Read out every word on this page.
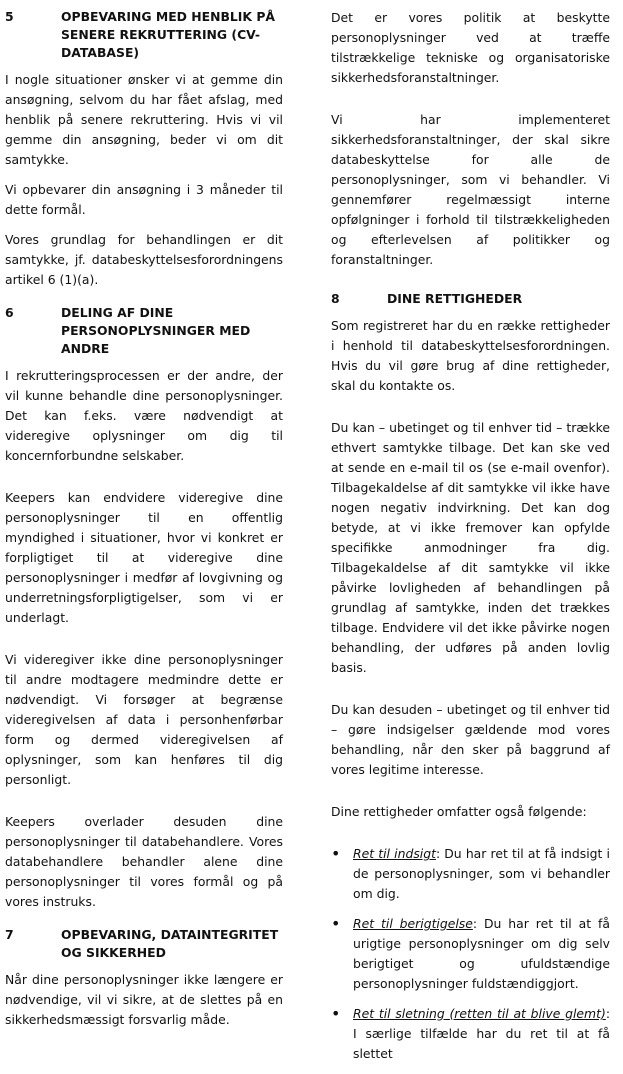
5	OPBEVARING MED HENBLIK PÅ SENERE REKRUTTERING (CV-DATABASE)

I nogle situationer ønsker vi at gemme din ansøgning, selvom du har fået afslag, med henblik på senere rekruttering. Hvis vi vil gemme din ansøgning, beder vi om dit samtykke.

Vi opbevarer din ansøgning i 3 måneder til dette formål.

Vores grundlag for behandlingen er dit samtykke, jf. databeskyttelsesforordningens artikel 6 (1)(a).

6	DELING AF DINE PERSONOPLYSNINGER MED ANDRE

I rekrutteringsprocessen er der andre, der vil kunne behandle dine personoplysninger. Det kan f.eks. være nødvendigt at videregive oplysninger om dig til koncernforbundne selskaber.

Keepers kan endvidere videregive dine personoplysninger til en offentlig myndighed i situationer, hvor vi konkret er forpligtiget til at videregive dine personoplysninger i medfør af lovgivning og underretningsforpligtigelser, som vi er underlagt.

Vi videregiver ikke dine personoplysninger til andre modtagere medmindre dette er nødvendigt. Vi forsøger at begrænse videregivelsen af data i personhenførbar form og dermed videregivelsen af oplysninger, som kan henføres til dig personligt.

Keepers overlader desuden dine personoplysninger til databehandlere. Vores databehandlere behandler alene dine personoplysninger til vores formål og på vores instruks.

7	OPBEVARING, DATAINTEGRITET OG SIKKERHED

Når dine personoplysninger ikke længere er nødvendige, vil vi sikre, at de slettes på en sikkerhedsmæssigt forsvarlig måde.

Det er vores politik at beskytte personoplysninger ved at træffe tilstrækkelige tekniske og organisatoriske sikkerhedsforanstaltninger.

Vi har implementeret sikkerhedsforanstaltninger, der skal sikre databeskyttelse for alle de personoplysninger, som vi behandler. Vi gennemfører regelmæssigt interne opfølgninger i forhold til tilstrækkeligheden og efterlevelsen af politikker og foranstaltninger.

8	DINE RETTIGHEDER

Som registreret har du en række rettigheder i henhold til databeskyttelsesforordningen. Hvis du vil gøre brug af dine rettigheder, skal du kontakte os.

Du kan – ubetinget og til enhver tid – trække ethvert samtykke tilbage. Det kan ske ved at sende en e-mail til os (se e-mail ovenfor). Tilbagekaldelse af dit samtykke vil ikke have nogen negativ indvirkning. Det kan dog betyde, at vi ikke fremover kan opfylde specifikke anmodninger fra dig. Tilbagekaldelse af dit samtykke vil ikke påvirke lovligheden af behandlingen på grundlag af samtykke, inden det trækkes tilbage. Endvidere vil det ikke påvirke nogen behandling, der udføres på anden lovlig basis.

Du kan desuden – ubetinget og til enhver tid – gøre indsigelser gældende mod vores behandling, når den sker på baggrund af vores legitime interesse.

Dine rettigheder omfatter også følgende:

• Ret til indsigt: Du har ret til at få indsigt i de personoplysninger, som vi behandler om dig.
• Ret til berigtigelse: Du har ret til at få urigtige personoplysninger om dig selv berigtiget og ufuldstændige personoplysninger fuldstændiggjort.
• Ret til sletning (retten til at blive glemt): I særlige tilfælde har du ret til at få slettet
